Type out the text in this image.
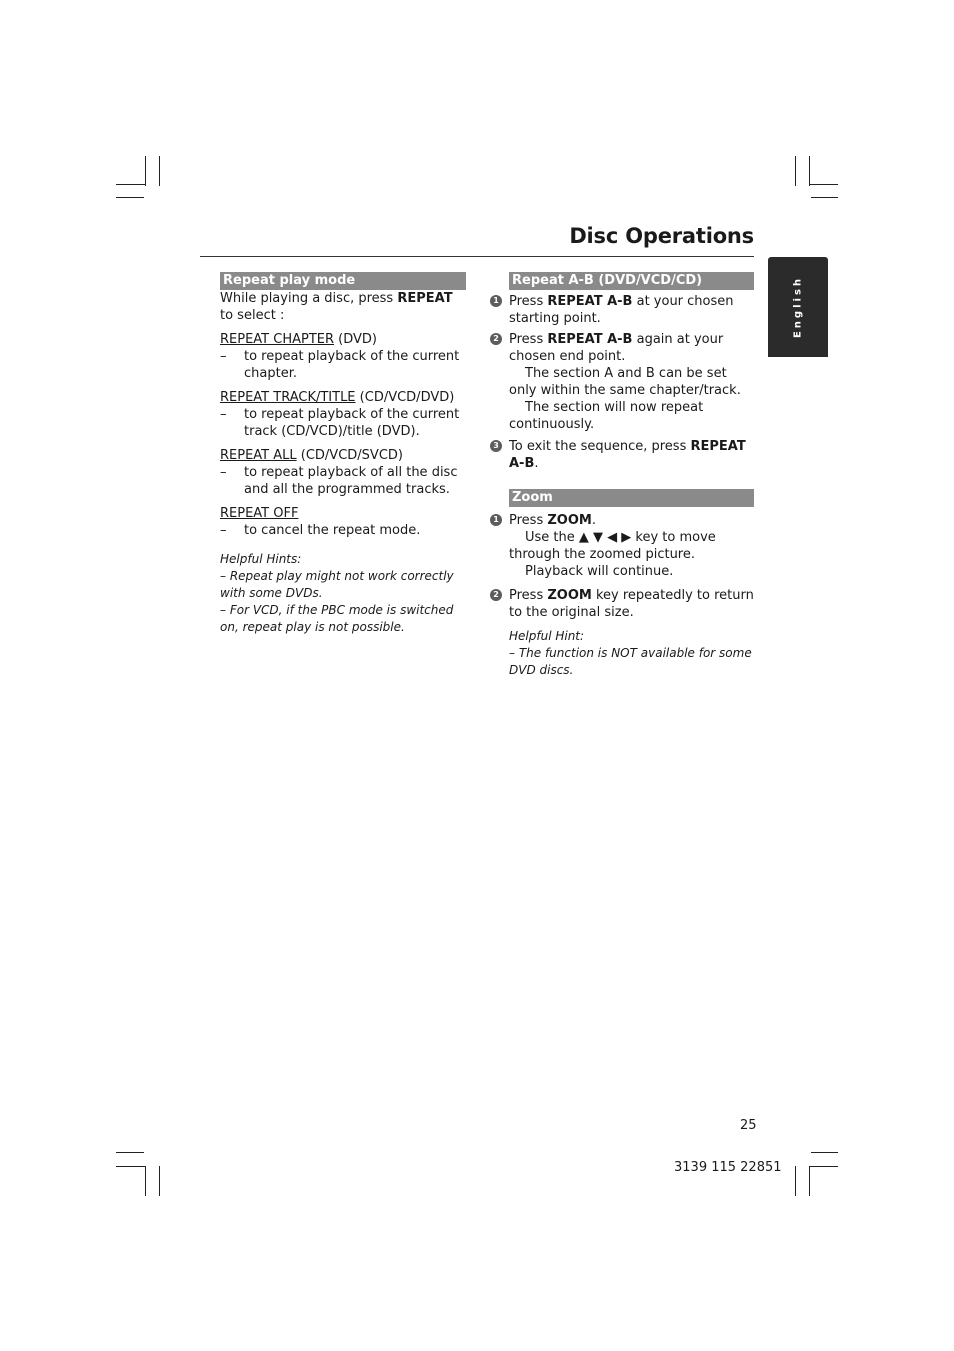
Disc Operations
English
Repeat play mode

While playing a disc, press REPEAT to select :

REPEAT CHAPTER (DVD)

–	to repeat playback of the current chapter.

REPEAT TRACK/TITLE (CD/VCD/DVD)

–	to repeat playback of the current track (CD/VCD)/title (DVD).

REPEAT ALL (CD/VCD/SVCD)

–	to repeat playback of all the disc and all the programmed tracks.

REPEAT OFF

–	to cancel the repeat mode.

Helpful Hints:

– Repeat play might not work correctly with some DVDs.

– For VCD, if the PBC mode is switched on, repeat play is not possible.

Repeat A-B (DVD/VCD/CD)
1 Press REPEAT A-B at your chosen starting point.
2 Press REPEAT A-B again at your chosen end point.

The section A and B can be set only within the same chapter/track.

The section will now repeat continuously.

3 To exit the sequence, press REPEAT A-B.
Zoom
1 Press ZOOM.

Use the ▲ ▼ ◀ ▶ key to move through the zoomed picture.

Playback will continue.

2 Press ZOOM key repeatedly to return to the original size.

Helpful Hint:

– The function is NOT available for some DVD discs.

25
3139 115 22851
